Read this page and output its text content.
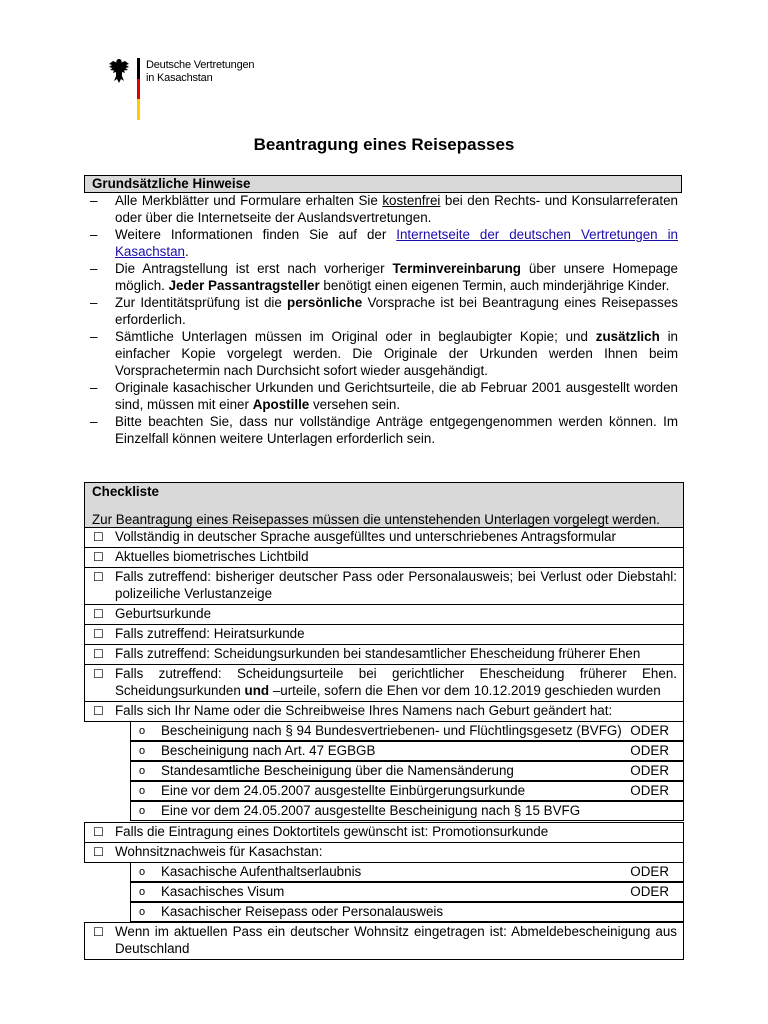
Deutsche Vertretungen
in Kasachstan
Beantragung eines Reisepasses
Grundsätzliche Hinweise
– Alle Merkblätter und Formulare erhalten Sie kostenfrei bei den Rechts- und Konsularreferaten oder über die Internetseite der Auslandsvertretungen.
– Weitere Informationen finden Sie auf der Internetseite der deutschen Vertretungen in Kasachstan.
– Die Antragstellung ist erst nach vorheriger Terminvereinbarung über unsere Homepage möglich. Jeder Passantragsteller benötigt einen eigenen Termin, auch minderjährige Kinder.
– Zur Identitätsprüfung ist die persönliche Vorsprache ist bei Beantragung eines Reisepasses erforderlich.
– Sämtliche Unterlagen müssen im Original oder in beglaubigter Kopie; und zusätzlich in einfacher Kopie vorgelegt werden. Die Originale der Urkunden werden Ihnen beim Vorsprachetermin nach Durchsicht sofort wieder ausgehändigt.
– Originale kasachischer Urkunden und Gerichtsurteile, die ab Februar 2001 ausgestellt worden sind, müssen mit einer Apostille versehen sein.
– Bitte beachten Sie, dass nur vollständige Anträge entgegengenommen werden können. Im Einzelfall können weitere Unterlagen erforderlich sein.
Checkliste
Zur Beantragung eines Reisepasses müssen die untenstehenden Unterlagen vorgelegt werden.
☐ Vollständig in deutscher Sprache ausgefülltes und unterschriebenes Antragsformular
☐ Aktuelles biometrisches Lichtbild
☐ Falls zutreffend: bisheriger deutscher Pass oder Personalausweis; bei Verlust oder Diebstahl: polizeiliche Verlustanzeige
☐ Geburtsurkunde
☐ Falls zutreffend: Heiratsurkunde
☐ Falls zutreffend: Scheidungsurkunden bei standesamtlicher Ehescheidung früherer Ehen
☐ Falls zutreffend: Scheidungsurteile bei gerichtlicher Ehescheidung früherer Ehen. Scheidungsurkunden und –urteile, sofern die Ehen vor dem 10.12.2019 geschieden wurden
☐ Falls sich Ihr Name oder die Schreibweise Ihres Namens nach Geburt geändert hat:
o Bescheinigung nach § 94 Bundesvertriebenen- und Flüchtlingsgesetz (BVFG) ODER
o Bescheinigung nach Art. 47 EGBGB	ODER
o Standesamtliche Bescheinigung über die Namensänderung	ODER
o Eine vor dem 24.05.2007 ausgestellte Einbürgerungsurkunde	ODER
o Eine vor dem 24.05.2007 ausgestellte Bescheinigung nach § 15 BVFG
☐ Falls die Eintragung eines Doktortitels gewünscht ist: Promotionsurkunde
☐ Wohnsitznachweis für Kasachstan:
o Kasachische Aufenthaltserlaubnis	ODER
o Kasachisches Visum	ODER
o Kasachischer Reisepass oder Personalausweis
☐ Wenn im aktuellen Pass ein deutscher Wohnsitz eingetragen ist: Abmeldebescheinigung aus Deutschland
